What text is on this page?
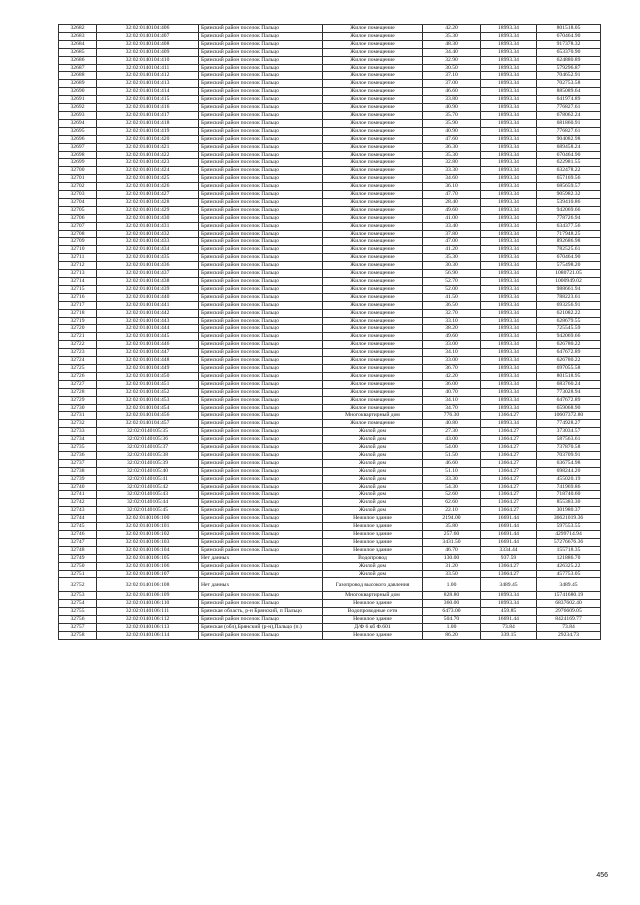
32682	32:02:0140104:406	Брянский район поселок Пальцо	Жилое помещение	42.20	18993.34	801518.05
32683	32:02:0140104:407	Брянский район поселок Пальцо	Жилое помещение	35.30	18993.34	670464.90
32684	32:02:0140104:408	Брянский район поселок Пальцо	Жилое помещение	48.30	18993.34	917378.32
32685	32:02:0140104:409	Брянский район поселок Пальцо	Жилое помещение	34.40	18993.34	653370.90
32686	32:02:0140104:410	Брянский район поселок Пальцо	Жилое помещение	32.90	18993.34	624880.89
32687	32:02:0140104:411	Брянский район поселок Пальцо	Жилое помещение	30.50	18993.34	579296.87
32688	32:02:0140104:412	Брянский район поселок Пальцо	Жилое помещение	37.10	18993.34	704652.91
32689	32:02:0140104:413	Брянский район поселок Пальцо	Жилое помещение	37.00	18993.34	702753.58
32690	32:02:0140104:414	Брянский район поселок Пальцо	Жилое помещение	46.60	18993.34	885089.64
32691	32:02:0140104:415	Брянский район поселок Пальцо	Жилое помещение	33.80	18993.34	641974.89
32692	32:02:0140104:416	Брянский район поселок Пальцо	Жилое помещение	40.90	18993.34	776827.61
32693	32:02:0140104:417	Брянский район поселок Пальцо	Жилое помещение	35.70	18993.34	678062.24
32694	32:02:0140104:418	Брянский район поселок Пальцо	Жилое помещение	35.90	18993.34	681860.91
32695	32:02:0140104:419	Брянский район поселок Пальцо	Жилое помещение	40.90	18993.34	776827.61
32696	32:02:0140104:420	Брянский район поселок Пальцо	Жилое помещение	47.60	18993.34	904082.98
32697	32:02:0140104:421	Брянский район поселок Пальцо	Жилое помещение	36.30	18993.34	689458.24
32698	32:02:0140104:422	Брянский район поселок Пальцо	Жилое помещение	35.30	18993.34	670464.90
32699	32:02:0140104:423	Брянский район поселок Пальцо	Жилое помещение	32.80	18993.34	622981.55
32700	32:02:0140104:424	Брянский район поселок Пальцо	Жилое помещение	33.30	18993.34	632478.22
32701	32:02:0140104:425	Брянский район поселок Пальцо	Жилое помещение	34.60	18993.34	657169.56
32702	32:02:0140104:426	Брянский район поселок Пальцо	Жилое помещение	36.10	18993.34	685659.57
32703	32:02:0140104:427	Брянский район поселок Пальцо	Жилое помещение	47.70	18993.34	905982.32
32704	32:02:0140104:428	Брянский район поселок Пальцо	Жилое помещение	28.40	18993.34	539410.86
32705	32:02:0140104:429	Брянский район поселок Пальцо	Жилое помещение	49.60	18993.34	942069.66
32706	32:02:0140104:430	Брянский район поселок Пальцо	Жилое помещение	41.00	18993.34	778726.94
32707	32:02:0140104:431	Брянский район поселок Пальцо	Жилое помещение	33.40	18993.34	634377.56
32708	32:02:0140104:432	Брянский район поселок Пальцо	Жилое помещение	37.80	18993.34	717948.25
32709	32:02:0140104:433	Брянский район поселок Пальцо	Жилое помещение	47.00	18993.34	892686.98
32710	32:02:0140104:434	Брянский район поселок Пальцо	Жилое помещение	41.20	18993.34	782525.61
32711	32:02:0140104:435	Брянский район поселок Пальцо	Жилое помещение	35.30	18993.34	670464.90
32712	32:02:0140104:436	Брянский район поселок Пальцо	Жилое помещение	30.30	18993.34	575498.20
32713	32:02:0140104:437	Брянский район поселок Пальцо	Жилое помещение	56.90	18993.34	1080721.05
32714	32:02:0140104:438	Брянский район поселок Пальцо	Жилое помещение	52.70	18993.34	1000949.02
32715	32:02:0140104:439	Брянский район поселок Пальцо	Жилое помещение	52.00	18993.34	988661.94
32716	32:02:0140104:440	Брянский район поселок Пальцо	Жилое помещение	41.50	18993.34	788223.61
32717	32:02:0140104:441	Брянский район поселок Пальцо	Жилое помещение	36.50	18993.34	693256.91
32718	32:02:0140104:442	Брянский район поселок Пальцо	Жилое помещение	32.70	18993.34	621082.22
32719	32:02:0140104:443	Брянский район поселок Пальцо	Жилое помещение	33.10	18993.34	628679.55
32720	32:02:0140104:444	Брянский район поселок Пальцо	Жилое помещение	38.20	18993.34	725545.59
32721	32:02:0140104:445	Брянский район поселок Пальцо	Жилое помещение	49.60	18993.34	942069.66
32722	32:02:0140104:446	Брянский район поселок Пальцо	Жилое помещение	33.00	18993.34	626780.22
32723	32:02:0140104:447	Брянский район поселок Пальцо	Жилое помещение	34.10	18993.34	647672.89
32724	32:02:0140104:448	Брянский район поселок Пальцо	Жилое помещение	33.00	18993.34	626780.22
32725	32:02:0140104:449	Брянский район поселок Пальцо	Жилое помещение	36.70	18993.34	697055.58
32726	32:02:0140104:450	Брянский район поселок Пальцо	Жилое помещение	42.20	18993.34	801518.95
32727	32:02:0140104:451	Брянский район поселок Пальцо	Жилое помещение	36.00	18993.34	683760.24
32728	32:02:0140104:452	Брянский район поселок Пальцо	Жилое помещение	40.70	18993.34	773028.94
32729	32:02:0140104:453	Брянский район поселок Пальцо	Жилое помещение	34.10	18993.34	647672.89
32730	32:02:0140104:454	Брянский район поселок Пальцо	Жилое помещение	34.70	18993.34	659068.90
32731	32:02:0140104:456	Брянский район поселок Пальцо	Многоквартирный дом	776.30	13664.27	10607372.80
32732	32:02:0140104:457	Брянский район поселок Пальцо	Жилое помещение	40.80	18993.34	774928.27
32733	32:02:0140105:35	Брянский район поселок Пальцо	Жилой дом	27.30	13664.27	373034.57
32734	32:02:0140105:36	Брянский район поселок Пальцо	Жилой дом	43.00	13664.27	587563.61
32735	32:02:0140105:37	Брянский район поселок Пальцо	Жилой дом	54.00	13664.27	737870.58
32736	32:02:0140105:38	Брянский район поселок Пальцо	Жилой дом	51.50	13664.27	703709.91
32737	32:02:0140105:39	Брянский район поселок Пальцо	Жилой дом	46.60	13664.27	636754.98
32738	32:02:0140105:40	Брянский район поселок Пальцо	Жилой дом	51.10	13664.27	698244.20
32739	32:02:0140105:41	Брянский район поселок Пальцо	Жилой дом	33.30	13664.27	455020.19
32740	32:02:0140105:42	Брянский район поселок Пальцо	Жилой дом	54.30	13664.27	741969.86
32741	32:02:0140105:43	Брянский район поселок Пальцо	Жилой дом	52.60	13664.27	718740.60
32742	32:02:0140105:44	Брянский район поселок Пальцо	Жилой дом	62.60	13664.27	855383.30
32743	32:02:0140105:45	Брянский район поселок Пальцо	Жилой дом	22.10	13664.27	301980.37
32744	32:02:0140106:100	Брянский район поселок Пальцо	Нежилое здание	2194.00	16691.44	36621019.36
32745	32:02:0140106:101	Брянский район поселок Пальцо	Нежилое здание	35.80	16691.44	597553.55
32746	32:02:0140106:102	Брянский район поселок Пальцо	Нежилое здание	257.60	16691.44	4299714.94
32747	32:02:0140106:103	Брянский район поселок Пальцо	Нежилое здание	3431.50	16691.44	57276676.36
32748	32:02:0140106:104	Брянский район поселок Пальцо	Нежилое здание	46.70	3334.44	155718.35
32749	32:02:0140106:105	Нет данных	Водопровод	130.00	937.59	121886.70
32750	32:02:0140106:106	Брянский район поселок Пальцо	Жилой дом	31.20	13664.27	426325.22
32751	32:02:0140106:107	Брянский район поселок Пальцо	Жилой дом	33.50	13664.27	457753.05
32752	32:02:0140106:108	Нет данных	Газопровод высокого давления	1.00	3489.45	3489.45
32753	32:02:0140106:109	Брянский район поселок Пальцо	Многоквартирный дом	828.80	18993.34	15741680.19
32754	32:02:0140106:110	Брянский район поселок Пальцо	Нежилое здание	360.00	18993.34	6837602.40
32755	32:02:0140106:111	Брянская область, р-н Брянский, п Пальцо	Водопроводные сети	6473.00	459.85	2976609.05
32756	32:02:0140106:112	Брянский район поселок Пальцо	Нежилое здание	504.70	16691.44	8424169.77
32757	32:02:0140106:113	Брянская (обл),Брянский (р-н),Пальцо (п.)	Д/Ф 6 кб Ф.601	1.00	73.84	73.84
32758	32:02:0140106:114	Брянский район поселок Пальцо	Нежилое здание	86.20	339.15	29234.73
456
